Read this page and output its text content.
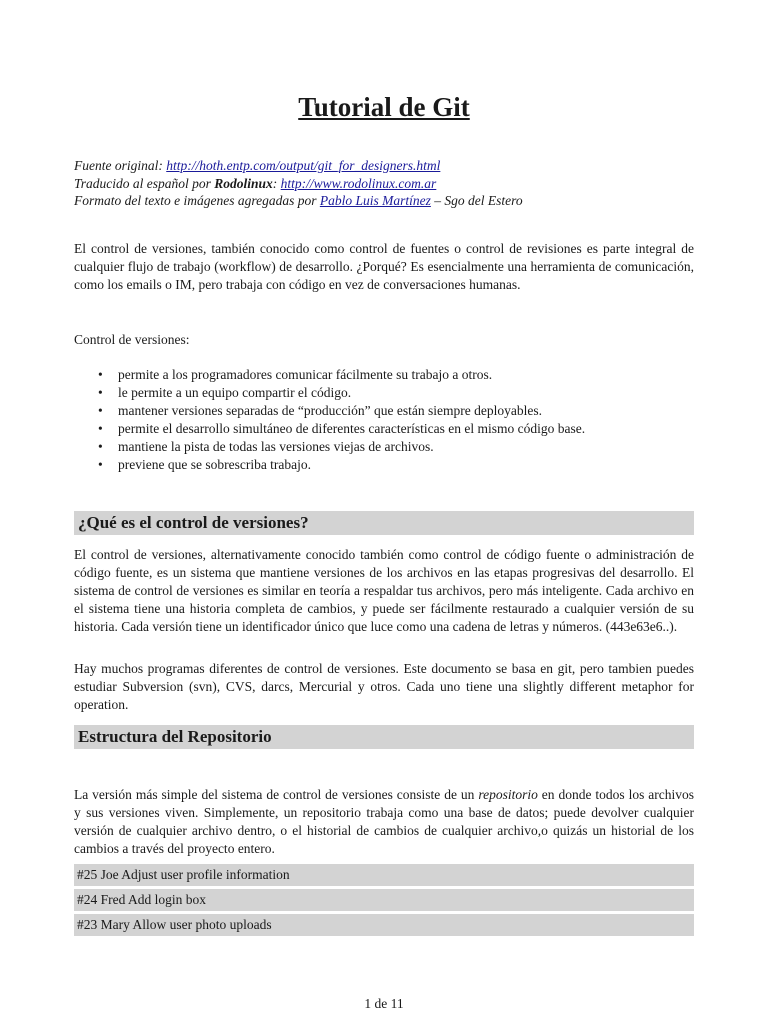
Tutorial de Git
Fuente original: http://hoth.entp.com/output/git_for_designers.html
Traducido al español por Rodolinux: http://www.rodolinux.com.ar
Formato del texto e imágenes agregadas por Pablo Luis Martínez – Sgo del Estero

El control de versiones, también conocido como control de fuentes o control de revisiones es parte integral de cualquier flujo de trabajo (workflow) de desarrollo. ¿Porqué? Es esencialmente una herramienta de comunicación, como los emails o IM, pero trabaja con código en vez de conversaciones humanas.

Control de versiones:

• permite a los programadores comunicar fácilmente su trabajo a otros.
• le permite a un equipo compartir el código.
• mantener versiones separadas de “producción” que están siempre deployables.
• permite el desarrollo simultáneo de diferentes características en el mismo código base.
• mantiene la pista de todas las versiones viejas de archivos.
• previene que se sobrescriba trabajo.
¿Qué es el control de versiones?

El control de versiones, alternativamente conocido también como control de código fuente o administración de código fuente, es un sistema que mantiene versiones de los archivos en las etapas progresivas del desarrollo. El sistema de control de versiones es similar en teoría a respaldar tus archivos, pero más inteligente. Cada archivo en el sistema tiene una historia completa de cambios, y puede ser fácilmente restaurado a cualquier versión de su historia. Cada versión tiene un identificador único que luce como una cadena de letras y números. (443e63e6..).

Hay muchos programas diferentes de control de versiones. Este documento se basa en git, pero tambien puedes estudiar Subversion (svn), CVS, darcs, Mercurial y otros. Cada uno tiene una slightly different metaphor for operation.

Estructura del Repositorio

La versión más simple del sistema de control de versiones consiste de un repositorio en donde todos los archivos y sus versiones viven. Simplemente, un repositorio trabaja como una base de datos; puede devolver cualquier versión de cualquier archivo dentro, o el historial de cambios de cualquier archivo,o quizás un historial de los cambios a través del proyecto entero.

#25 Joe Adjust user profile information
#24 Fred Add login box
#23 Mary Allow user photo uploads
1 de 11
